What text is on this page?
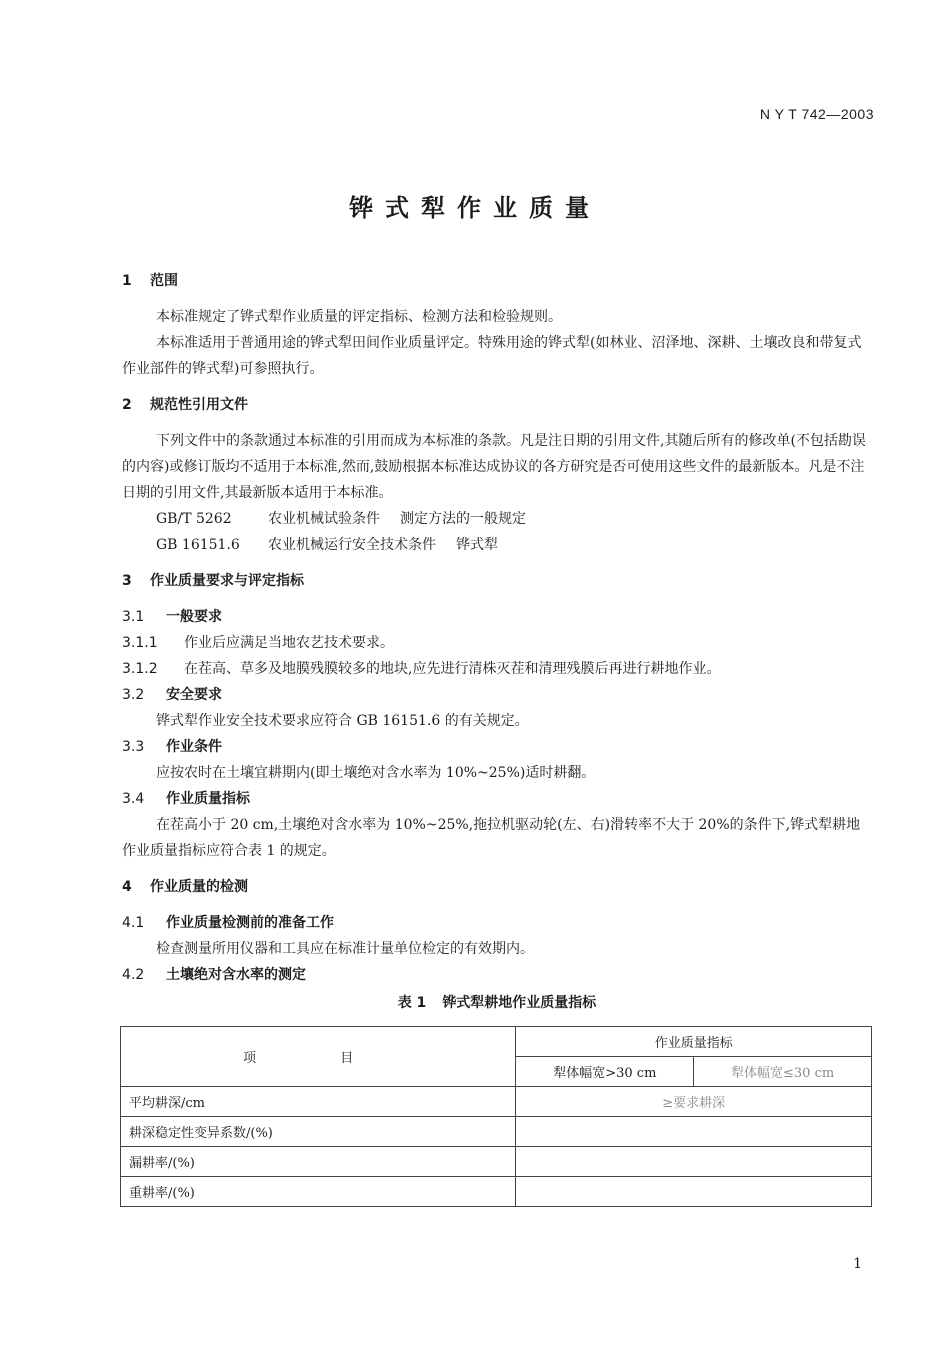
N Y T 742—2003
铧式犁作业质量
1 范围

本标准规定了铧式犁作业质量的评定指标、检测方法和检验规则。

本标准适用于普通用途的铧式犁田间作业质量评定。特殊用途的铧式犁(如林业、沼泽地、深耕、土壤改良和带复式作业部件的铧式犁)可参照执行。

2 规范性引用文件

下列文件中的条款通过本标准的引用而成为本标准的条款。凡是注日期的引用文件,其随后所有的修改单(不包括勘误的内容)或修订版均不适用于本标准,然而,鼓励根据本标准达成协议的各方研究是否可使用这些文件的最新版本。凡是不注日期的引用文件,其最新版本适用于本标准。

GB/T 5262	农业机械试验条件 测定方法的一般规定
GB 16151.6 农业机械运行安全技术条件 铧式犁
3 作业质量要求与评定指标
3.1 一般要求
3.1.1 作业后应满足当地农艺技术要求。
3.1.2 在茬高、草多及地膜残膜较多的地块,应先进行清株灭茬和清理残膜后再进行耕地作业。
3.2 安全要求

铧式犁作业安全技术要求应符合 GB 16151.6 的有关规定。

3.3 作业条件

应按农时在土壤宜耕期内(即土壤绝对含水率为 10%~25%)适时耕翻。

3.4 作业质量指标

在茬高小于 20 cm,土壤绝对含水率为 10%~25%,拖拉机驱动轮(左、右)滑转率不大于 20%的条件下,铧式犁耕地作业质量指标应符合表 1 的规定。

4 作业质量的检测
4.1 作业质量检测前的准备工作

检查测量所用仪器和工具应在标准计量单位检定的有效期内。

4.2 土壤绝对含水率的测定
表 1 铧式犁耕地作业质量指标
项 目	作业质量指标	
	犁体幅宽>30 cm	犁体幅宽≤30 cm
平均耕深/cm	≥要求耕深	
耕深稳定性变异系数/(%)		
漏耕率/(%)		
重耕率/(%)		
1
